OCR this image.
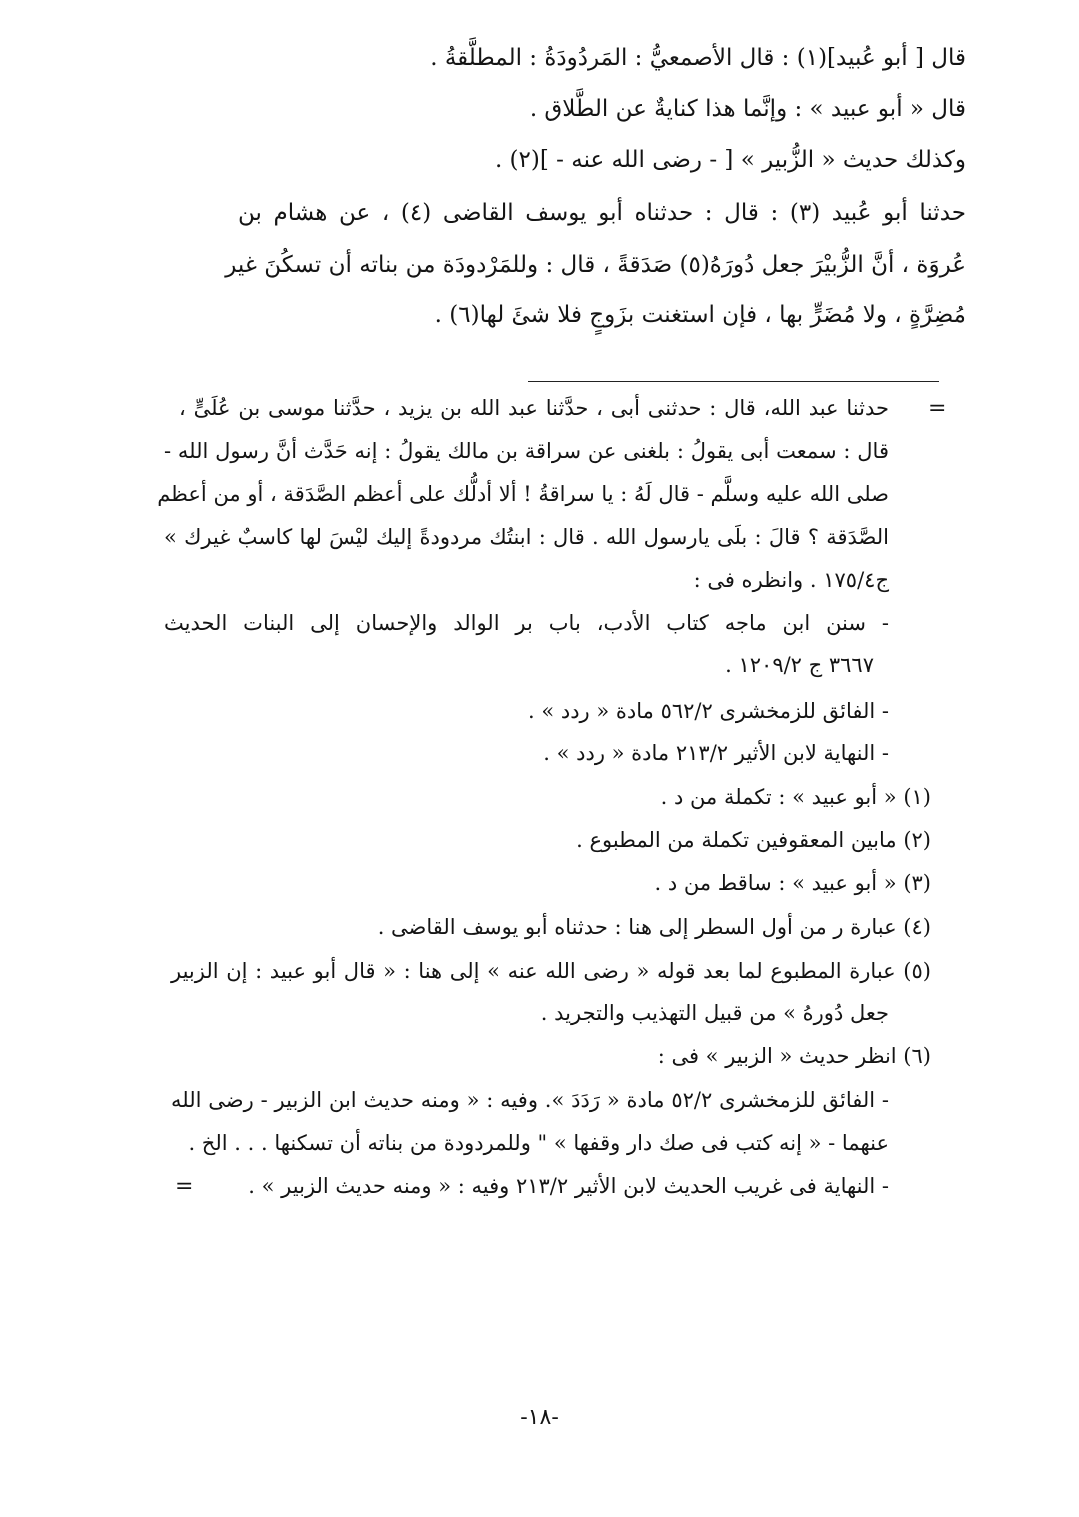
قال [ أبو عُبيد](١) : قال الأصمعيُّ : المَردُودَةُ : المطلَّقةُ .
قال « أبو عبيد » : وإنَّما هذا كنايةٌ عن الطَّلاق .
وكذلك حديث « الزُّبير » [ - رضى الله عنه - ](٢) .
حدثنا أبو عُبيد (٣) : قال : حدثناه أبو يوسف القاضى (٤) ، عن هشام بن
عُروَة ، أنَّ الزُّبيْرَ جعل دُورَهُ(٥) صَدَقةً ، قال : وللمَرْدودَة من بناته أن تسكُنَ غير
مُضِرَّةٍ ، ولا مُضَرٍّ بها ، فإن استغنت بزَوجٍ فلا شئَ لها(٦) .
=
حدثنا عبد الله، قال : حدثنى أبى ، حدَّثنا عبد الله بن يزيد ، حدَّثنا موسى بن عُلَىٍّ ،
قال : سمعت أبى يقولُ : بلغنى عن سراقة بن مالك يقولُ : إنه حَدَّث أنَّ رسول الله -
صلى الله عليه وسلَّم - قال لَهُ : يا سراقةُ ! ألا أدلُّك على أعظم الصَّدَقة ، أو من أعظم
الصَّدَقة ؟ قالَ : بلَى يارسول الله . قال : ابنتُك مردودةً إليك ليْسَ لها كاسبٌ غيرك »
ج١٧٥/٤ . وانظره فى :
- سنن ابن ماجه كتاب الأدب، باب بر الوالد والإحسان إلى البنات الحديث
٣٦٦٧ ج ١٢٠٩/٢ .
- الفائق للزمخشرى ٥٦٢/٢ مادة « ردد » .
- النهاية لابن الأثير ٢١٣/٢ مادة « ردد » .
(١) « أبو عبيد » : تكملة من د .
(٢) مابين المعقوفين تكملة من المطبوع .
(٣) « أبو عبيد » : ساقط من د .
(٤) عبارة ر من أول السطر إلى هنا : حدثناه أبو يوسف القاضى .
(٥) عبارة المطبوع لما بعد قوله « رضى الله عنه » إلى هنا : « قال أبو عبيد : إن الزبير
جعل دُورهُ » من قبيل التهذيب والتجريد .
(٦) انظر حديث « الزبير » فى :
- الفائق للزمخشرى ٥٢/٢ مادة « رَدَدَ ». وفيه : « ومنه حديث ابن الزبير - رضى الله
عنهما - « إنه كتب فى صك دار وقفها » " وللمردودة من بناته أن تسكنها . . . الخ .
- النهاية فى غريب الحديث لابن الأثير ٢١٣/٢ وفيه : « ومنه حديث الزبير » .
=
-١٨-
